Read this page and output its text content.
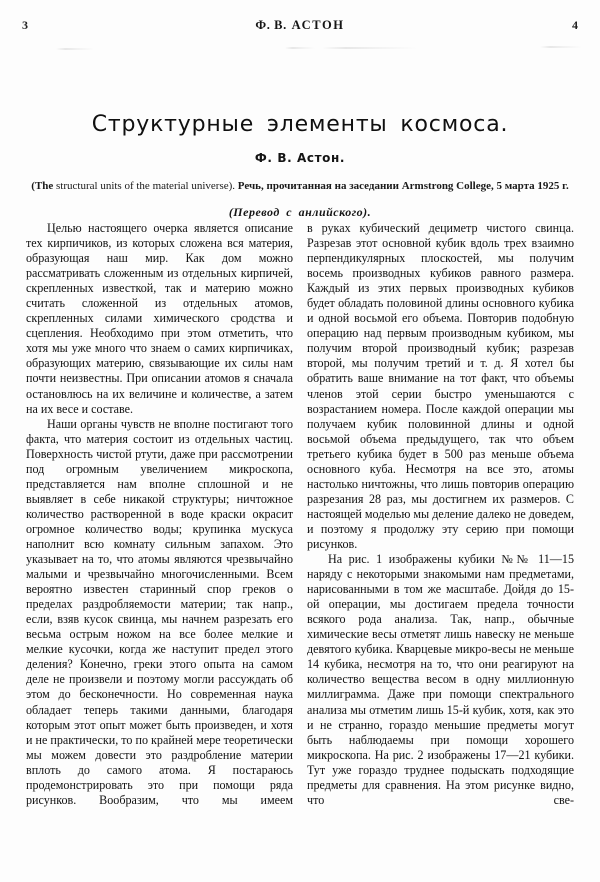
3	Ф. В. АСТОН	4
Структурные элементы космоса.
Ф. В. Астон.
(The structural units of the material universe). Речь, прочитанная на заседании Armstrong College, 5 марта 1925 г.
(Перевод с анлийского).

Целью настоящего очерка является описание тех кирпичиков, из которых сложена вся материя, образующая наш мир. Как дом можно рассматривать сложенным из отдельных кирпичей, скрепленных известкой, так и материю можно считать сложенной из отдельных атомов, скрепленных силами химического сродства и сцепления. Необходимо при этом отметить, что хотя мы уже много что знаем о самих кирпичиках, образующих материю, связывающие их силы нам почти неизвестны. При описании атомов я сначала остановлюсь на их величине и количестве, а затем на их весе и составе.

Наши органы чувств не вполне постигают того факта, что материя состоит из отдельных частиц. Поверхность чистой ртути, даже при рассмотрении под огромным увеличением микроскопа, представляется нам вполне сплошной и не выявляет в себе никакой структуры; ничтожное количество растворенной в воде краски окрасит огромное количество воды; крупинка мускуса наполнит всю комнату сильным запахом. Это указывает на то, что атомы являются чрезвычайно малыми и чрезвычайно многочисленными. Всем вероятно известен старинный спор греков о пределах раздробляемости материи; так напр., если, взяв кусок свинца, мы начнем разрезать его весьма острым ножом на все более мелкие и мелкие кусочки, когда же наступит предел этого деления? Конечно, греки этого опыта на самом деле не произвели и поэтому могли рассуждать об этом до бесконечности. Но современная наука обладает теперь такими данными, благодаря которым этот опыт может быть произведен, и хотя и не практически, то по крайней мере теоретически мы можем довести это раздробление материи вплоть до самого атома. Я постараюсь продемонстрировать это при помощи ряда рисунков. Вообразим, что мы имеем

в руках кубический дециметр чистого свинца. Разрезав этот основной кубик вдоль трех взаимно перпендикулярных плоскостей, мы получим восемь производных кубиков равного размера. Каждый из этих первых производных кубиков будет обладать половиной длины основного кубика и одной восьмой его объема. Повторив подобную операцию над первым производным кубиком, мы получим второй производный кубик; разрезав второй, мы получим третий и т. д. Я хотел бы обратить ваше внимание на тот факт, что объемы членов этой серии быстро уменьшаются с возрастанием номера. После каждой операции мы получаем кубик половинной длины и одной восьмой объема предыдущего, так что объем третьего кубика будет в 500 раз меньше объема основного куба. Несмотря на все это, атомы настолько ничтожны, что лишь повторив операцию разрезания 28 раз, мы достигнем их размеров. С настоящей моделью мы деление далеко не доведем, и поэтому я продолжу эту серию при помощи рисунков.

На рис. 1 изображены кубики №№ 11—15 наряду с некоторыми знакомыми нам предметами, нарисованными в том же масштабе. Дойдя до 15-ой операции, мы достигаем предела точности всякого рода анализа. Так, напр., обычные химические весы отметят лишь навеску не меньше девятого кубика. Кварцевые микро-весы не меньше 14 кубика, несмотря на то, что они реагируют на количество вещества весом в одну миллионную миллиграмма. Даже при помощи спектрального анализа мы отметим лишь 15-й кубик, хотя, как это и не странно, гораздо меньшие предметы могут быть наблюдаемы при помощи хорошего микроскопа. На рис. 2 изображены 17—21 кубики. Тут уже гораздо труднее подыскать подходящие предметы для сравнения. На этом рисунке видно, что све-
